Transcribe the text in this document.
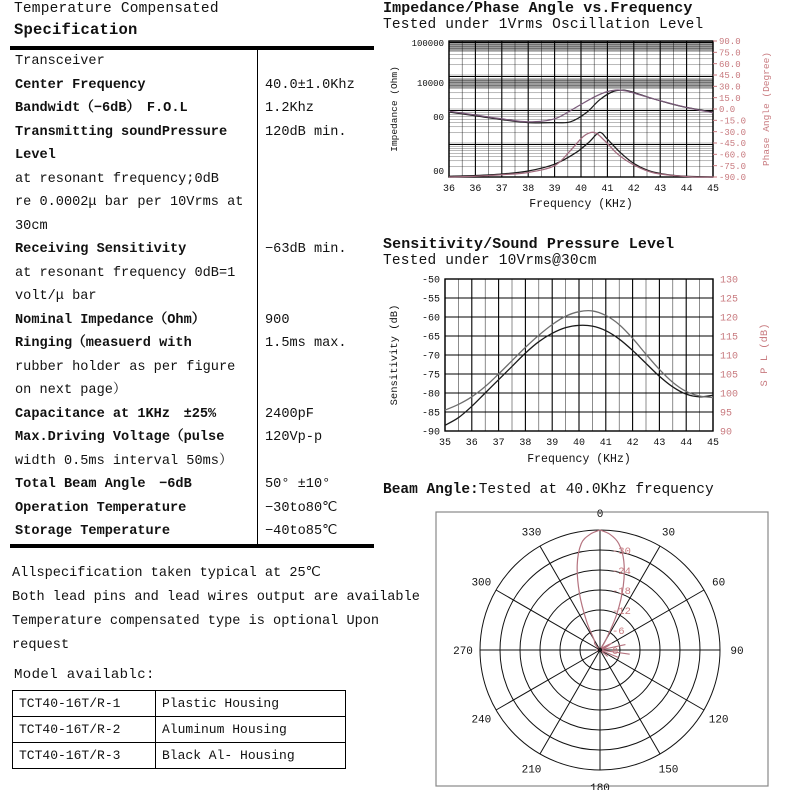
Temperature Compensated
Specification
Transceiver
Center Frequency	40.0±1.0Khz
Bandwidt（−6dB）　F.O.L	1.2Khz
Transmitting soundPressure	120dB min.
Level
at resonant frequency;0dB
re 0.0002μ bar per 10Vrms at
30cm
Receiving Sensitivity	−63dB min.
at resonant frequency 0dB=1
volt/μ bar
Nominal Impedance（Ohm）	900
Ringing（measuerd with	1.5ms max.
rubber holder as per figure
on next page）
Capacitance at 1KHz　±25%	2400pF
Max.Driving Voltage（pulse	120Vp-p
width 0.5ms interval 50ms）
Total Beam Angle　−6dB	50° ±10°
Operation Temperature	−30to80℃
Storage Temperature	−40to85℃
Allspecification taken typical at 25℃
Both lead pins and lead wires output are available
Temperature compensated type is optional Upon
request
Model availablc:
TCT40-16T/R-1	Plastic Housing
TCT40-16T/R-2	Aluminum Housing
TCT40-16T/R-3	Black Al- Housing
Impedance/Phase Angle vs.Frequency
Tested under 1Vrms Oscillation Level
100000
10000
00
00
Impedance (Ohm)
90.0
75.0
60.0
45.0
30.0
15.0
0.0
-15.0
-30.0
-45.0
-60.0
-75.0
-90.0
Phase Angle (Degree)
36 36 37 38 39 40 41 42 43 44 45
Frequency (KHz)
Sensitivity/Sound Pressure Level
Tested under 10Vrms@30cm
-50
-55
-60
-65
-70
-75
-80
-85
-90
Sensitivity (dB)
130
125
120
115
110
105
100
95
90
S P L (dB)
35 36 37 38 39 40 41 42 43 44 45
Frequency (KHz)
Beam Angle:Tested at 40.0Khz frequency
0
30
60
90
120
150
180
210
240
270
300
330
0
-6
-12
-18
-24
-30
